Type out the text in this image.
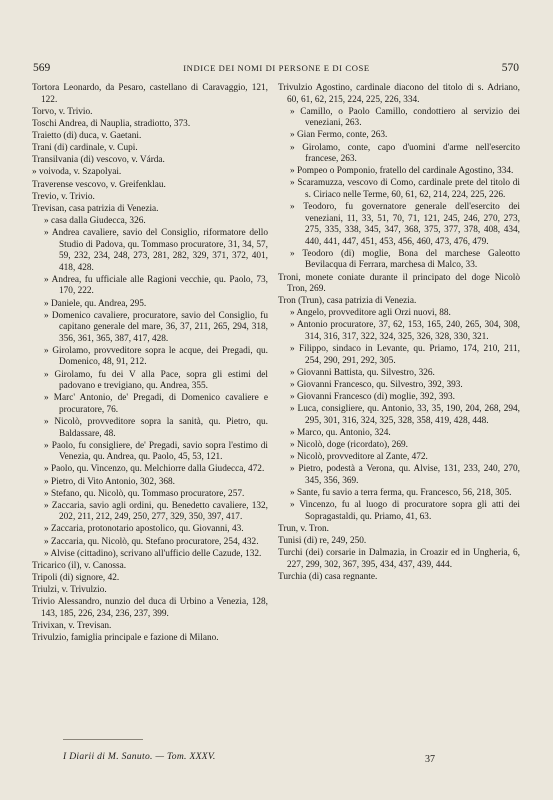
569	INDICE DEI NOMI DI PERSONE E DI COSE	570

Tortora Leonardo, da Pesaro, castellano di Caravaggio, 121, 122.

Torvo, v. Trivio.

Toschi Andrea, di Nauplia, stradiotto, 373.

Traietto (di) duca, v. Gaetani.

Trani (di) cardinale, v. Cupi.

Transilvania (di) vescovo, v. Várda.

» voivoda, v. Szapolyai.

Traverense vescovo, v. Greifenklau.

Trevio, v. Trivio.

Trevisan, casa patrizia di Venezia.

» casa dalla Giudecca, 326.

» Andrea cavaliere, savio del Consiglio, riformatore dello Studio di Padova, qu. Tommaso procuratore, 31, 34, 57, 59, 232, 234, 248, 273, 281, 282, 329, 371, 372, 401, 418, 428.

» Andrea, fu ufficiale alle Ragioni vecchie, qu. Paolo, 73, 170, 222.

» Daniele, qu. Andrea, 295.

» Domenico cavaliere, procuratore, savio del Consiglio, fu capitano generale del mare, 36, 37, 211, 265, 294, 318, 356, 361, 365, 387, 417, 428.

» Girolamo, provveditore sopra le acque, dei Pregadi, qu. Domenico, 48, 91, 212.

» Girolamo, fu dei V alla Pace, sopra gli estimi del padovano e trevigiano, qu. Andrea, 355.

» Marc' Antonio, de' Pregadi, di Domenico cavaliere e procuratore, 76.

» Nicolò, provveditore sopra la sanità, qu. Pietro, qu. Baldassare, 48.

» Paolo, fu consigliere, de' Pregadi, savio sopra l'estimo di Venezia, qu. Andrea, qu. Paolo, 45, 53, 121.

» Paolo, qu. Vincenzo, qu. Melchiorre dalla Giudecca, 472.

» Pietro, di Vito Antonio, 302, 368.

» Stefano, qu. Nicolò, qu. Tommaso procuratore, 257.

» Zaccaria, savio agli ordini, qu. Benedetto cavaliere, 132, 202, 211, 212, 249, 250, 277, 329, 350, 397, 417.

» Zaccaria, protonotario apostolico, qu. Giovanni, 43.

» Zaccaria, qu. Nicolò, qu. Stefano procuratore, 254, 432.

» Alvise (cittadino), scrivano all'ufficio delle Cazude, 132.

Tricarico (il), v. Canossa.

Tripoli (di) signore, 42.

Triulzi, v. Trivulzio.

Trivio Alessandro, nunzio del duca di Urbino a Venezia, 128, 143, 185, 226, 234, 236, 237, 399.

Trivixan, v. Trevisan.

Trivulzio, famiglia principale e fazione di Milano.

Trivulzio Agostino, cardinale diacono del titolo di s. Adriano, 60, 61, 62, 215, 224, 225, 226, 334.

» Camillo, o Paolo Camillo, condottiero al servizio dei veneziani, 263.

» Gian Fermo, conte, 263.

» Girolamo, conte, capo d'uomini d'arme nell'esercito francese, 263.

» Pompeo o Pomponio, fratello del cardinale Agostino, 334.

» Scaramuzza, vescovo di Como, cardinale prete del titolo di s. Ciriaco nelle Terme, 60, 61, 62, 214, 224, 225, 226.

» Teodoro, fu governatore generale dell'esercito dei veneziani, 11, 33, 51, 70, 71, 121, 245, 246, 270, 273, 275, 335, 338, 345, 347, 368, 375, 377, 378, 408, 434, 440, 441, 447, 451, 453, 456, 460, 473, 476, 479.

» Teodoro (di) moglie, Bona del marchese Galeotto Bevilacqua di Ferrara, marchesa di Malco, 33.

Troni, monete coniate durante il principato del doge Nicolò Tron, 269.

Tron (Trun), casa patrizia di Venezia.

» Angelo, provveditore agli Orzi nuovi, 88.

» Antonio procuratore, 37, 62, 153, 165, 240, 265, 304, 308, 314, 316, 317, 322, 324, 325, 326, 328, 330, 321.

» Filippo, sindaco in Levante, qu. Priamo, 174, 210, 211, 254, 290, 291, 292, 305.

» Giovanni Battista, qu. Silvestro, 326.

» Giovanni Francesco, qu. Silvestro, 392, 393.

» Giovanni Francesco (di) moglie, 392, 393.

» Luca, consigliere, qu. Antonio, 33, 35, 190, 204, 268, 294, 295, 301, 316, 324, 325, 328, 358, 419, 428, 448.

» Marco, qu. Antonio, 324.

» Nicolò, doge (ricordato), 269.

» Nicolò, provveditore al Zante, 472.

» Pietro, podestà a Verona, qu. Alvise, 131, 233, 240, 270, 345, 356, 369.

» Sante, fu savio a terra ferma, qu. Francesco, 56, 218, 305.

» Vincenzo, fu al luogo di procuratore sopra gli atti dei Sopragastaldi, qu. Priamo, 41, 63.

Trun, v. Tron.

Tunisi (di) re, 249, 250.

Turchi (dei) corsarie in Dalmazia, in Croazir ed in Ungheria, 6, 227, 299, 302, 367, 395, 434, 437, 439, 444.

Turchia (di) casa regnante.

I Diarii di M. Sanuto. — Tom. XXXV.	37
